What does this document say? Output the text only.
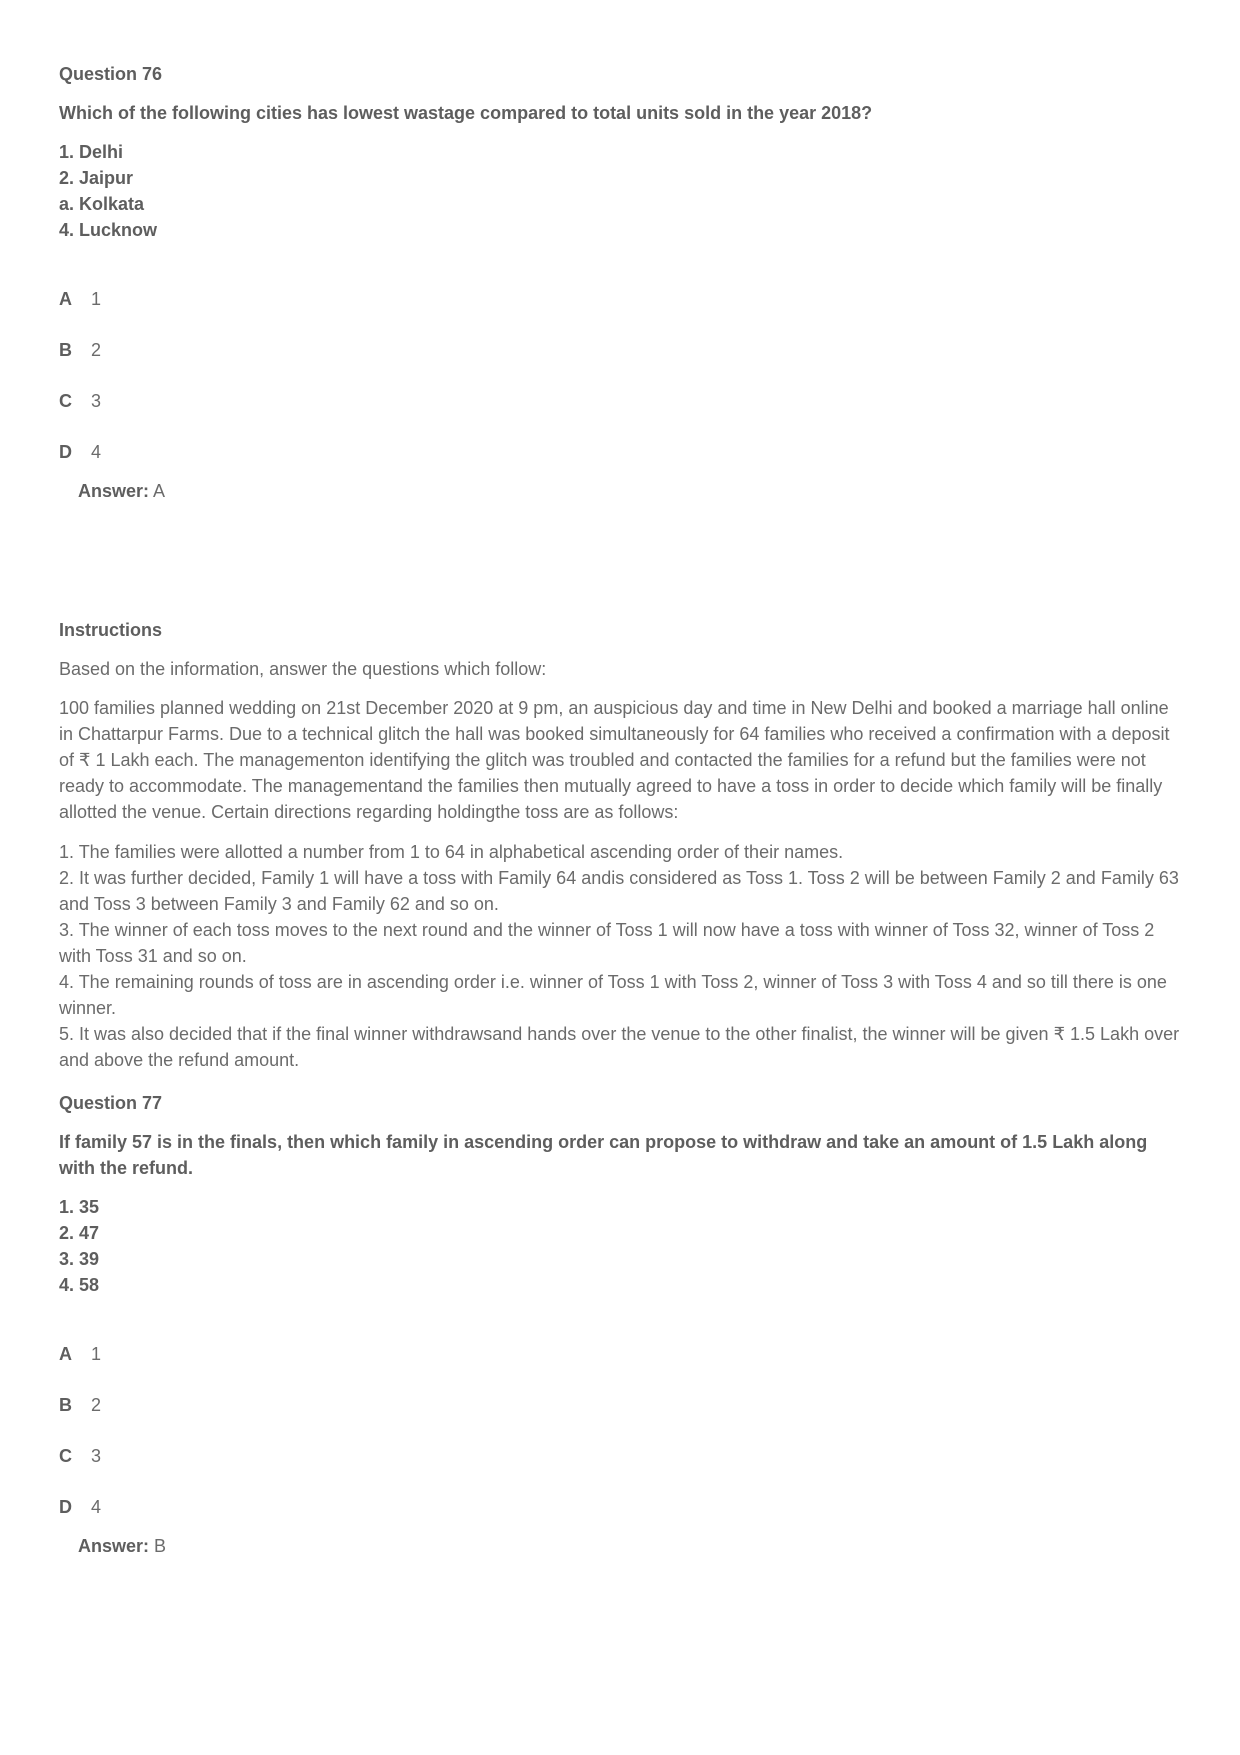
Question 76
Which of the following cities has lowest wastage compared to total units sold in the year 2018?
1. Delhi
2. Jaipur
a. Kolkata
4. Lucknow
A 1
B 2
C 3
D 4
Answer: A
Instructions
Based on the information, answer the questions which follow:
100 families planned wedding on 21st December 2020 at 9 pm, an auspicious day and time in New Delhi and booked a marriage hall online in Chattarpur Farms. Due to a technical glitch the hall was booked simultaneously for 64 families who received a confirmation with a deposit of ₹ 1 Lakh each. The managementon identifying the glitch was troubled and contacted the families for a refund but the families were not ready to accommodate. The managementand the families then mutually agreed to have a toss in order to decide which family will be finally allotted the venue. Certain directions regarding holdingthe toss are as follows:
1. The families were allotted a number from 1 to 64 in alphabetical ascending order of their names.
2. It was further decided, Family 1 will have a toss with Family 64 andis considered as Toss 1. Toss 2 will be between Family 2 and Family 63 and Toss 3 between Family 3 and Family 62 and so on.
3. The winner of each toss moves to the next round and the winner of Toss 1 will now have a toss with winner of Toss 32, winner of Toss 2 with Toss 31 and so on.
4. The remaining rounds of toss are in ascending order i.e. winner of Toss 1 with Toss 2, winner of Toss 3 with Toss 4 and so till there is one winner.
5. It was also decided that if the final winner withdrawsand hands over the venue to the other finalist, the winner will be given ₹ 1.5 Lakh over and above the refund amount.
Question 77
If family 57 is in the finals, then which family in ascending order can propose to withdraw and take an amount of 1.5 Lakh along with the refund.
1. 35
2. 47
3. 39
4. 58
A 1
B 2
C 3
D 4
Answer: B
